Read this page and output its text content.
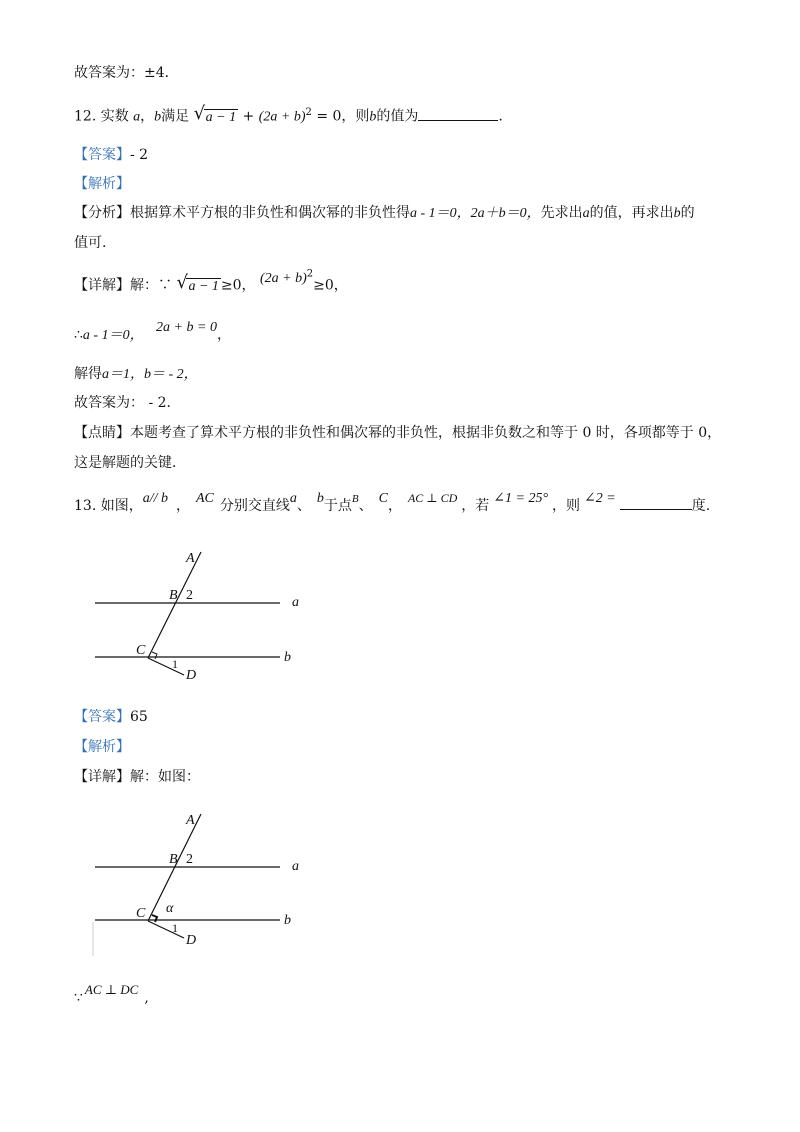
故答案为：±4．
12. 实数 a，b满足 √ $a - 1 + (2a + b)^2 = 0$，则b的值为	.
【答案】- 2
【解析】
【分析】根据算术平方根的非负性和偶次幂的非负性得a - 1＝0，2a＋b＝0，先求出a的值，再求出b的
值可.
【详解】解：∵ √ a − 1 ≥0， $(2a + b)^2\ge 0$，
∴a - 1＝0， 2a + b = 0，
解得a＝1，b＝ - 2，
故答案为： - 2．
【点睛】本题考查了算术平方根的非负性和偶次幂的非负性，根据非负数之和等于 0 时，各项都等于 0，
这是解题的关键．
13. 如图，a// b ， AC 分别交直线a、 b于点$^B$、 C， AC ⊥ CD ，若 ∠1 = 25° ，则 ∠2 =	度.
A
B 2	a
C
1	b
D
【答案】65
【解析】
【详解】解：如图：
A
B 2	a
C α
1	b
D
∵AC ⊥ DC,
